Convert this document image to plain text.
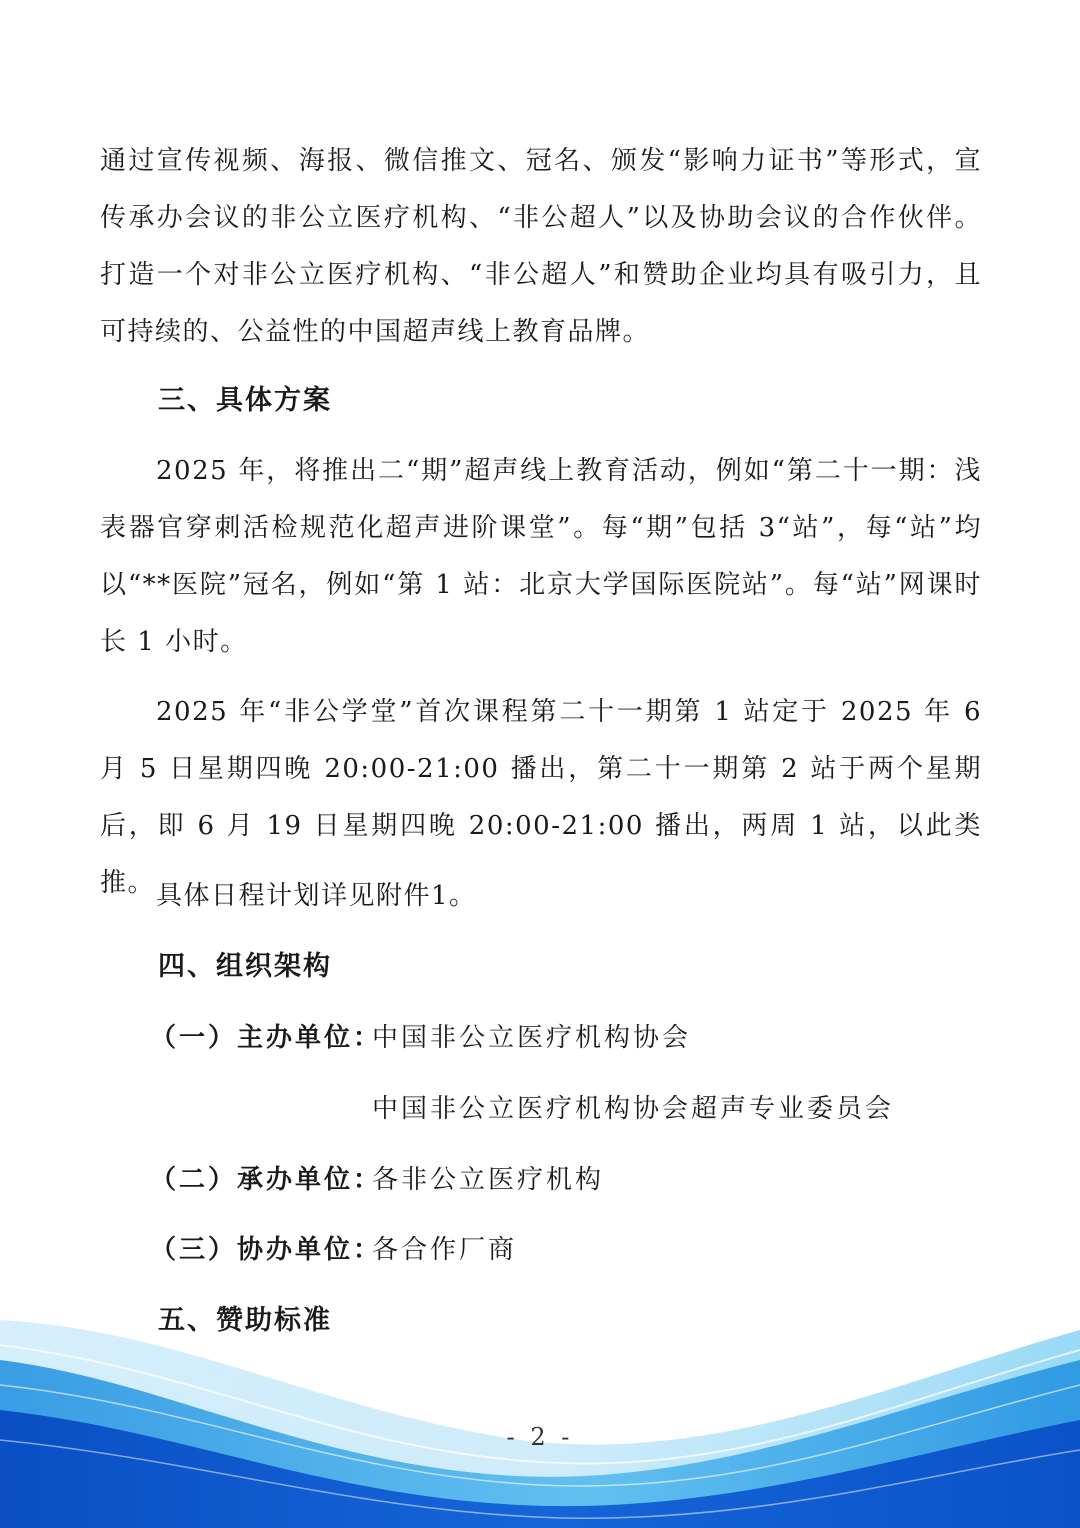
通过宣传视频、海报、微信推文、冠名、颁发“影响力证书”等形式，宣传承办会议的非公立医疗机构、“非公超人”以及协助会议的合作伙伴。打造一个对非公立医疗机构、“非公超人”和赞助企业均具有吸引力，且可持续的、公益性的中国超声线上教育品牌。

三、具体方案

2025 年，将推出二“期”超声线上教育活动，例如“第二十一期：浅表器官穿刺活检规范化超声进阶课堂”。每“期”包括 3“站”，每“站”均以“**医院”冠名，例如“第 1 站：北京大学国际医院站”。每“站”网课时长 1 小时。

2025 年“非公学堂”首次课程第二十一期第 1 站定于 2025 年 6 月 5 日星期四晚 20:00-21:00 播出，第二十一期第 2 站于两个星期后，即 6 月 19 日星期四晚 20:00-21:00 播出，两周 1 站，以此类推。 具体日程计划详见附件1。

四、组织架构
（一）主办单位：中国非公立医疗机构协会
中国非公立医疗机构协会超声专业委员会
（二）承办单位：各非公立医疗机构
（三）协办单位：各合作厂商
五、赞助标准
- 2 -
